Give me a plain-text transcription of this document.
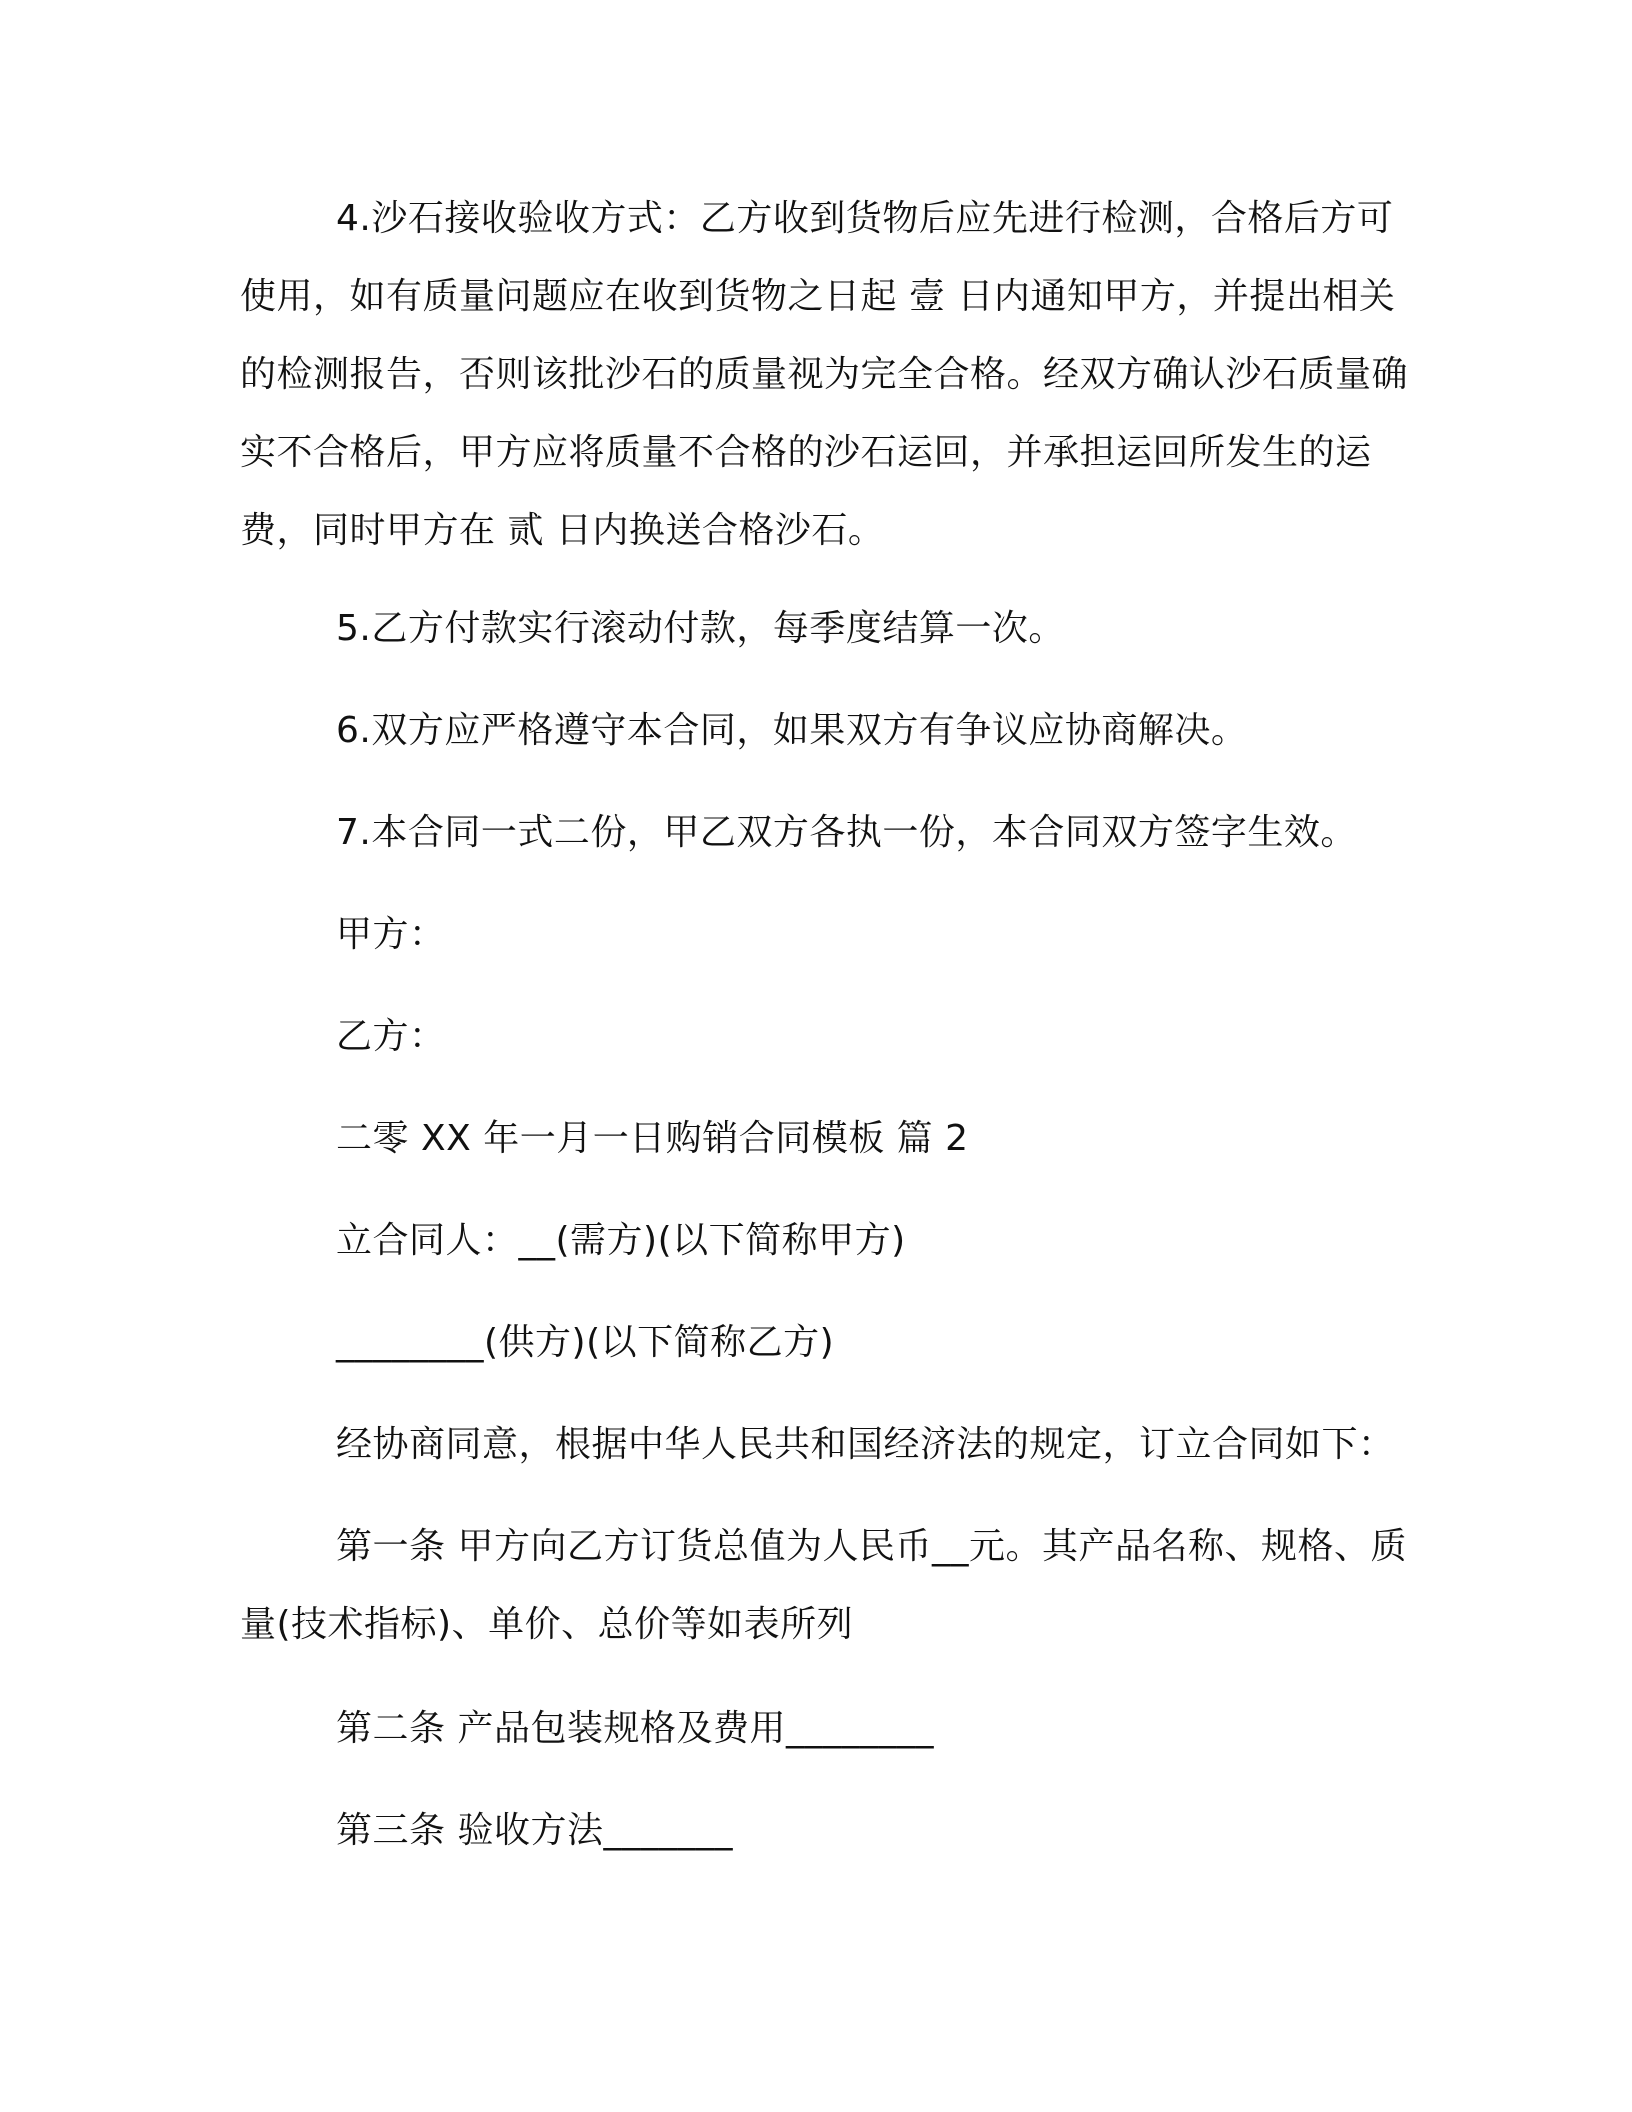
4.沙石接收验收方式：乙方收到货物后应先进行检测，合格后方可使用，如有质量问题应在收到货物之日起 壹 日内通知甲方，并提出相关的检测报告，否则该批沙石的质量视为完全合格。经双方确认沙石质量确实不合格后，甲方应将质量不合格的沙石运回，并承担运回所发生的运费，同时甲方在 贰 日内换送合格沙石。

5.乙方付款实行滚动付款，每季度结算一次。

6.双方应严格遵守本合同，如果双方有争议应协商解决。

7.本合同一式二份，甲乙双方各执一份，本合同双方签字生效。

甲方：

乙方：

二零 XX 年一月一日购销合同模板 篇 2

立合同人：__(需方)(以下简称甲方)

________(供方)(以下简称乙方)

经协商同意，根据中华人民共和国经济法的规定，订立合同如下：

第一条 甲方向乙方订货总值为人民币__元。其产品名称、规格、质量(技术指标)、单价、总价等如表所列

第二条 产品包装规格及费用________

第三条 验收方法_______
